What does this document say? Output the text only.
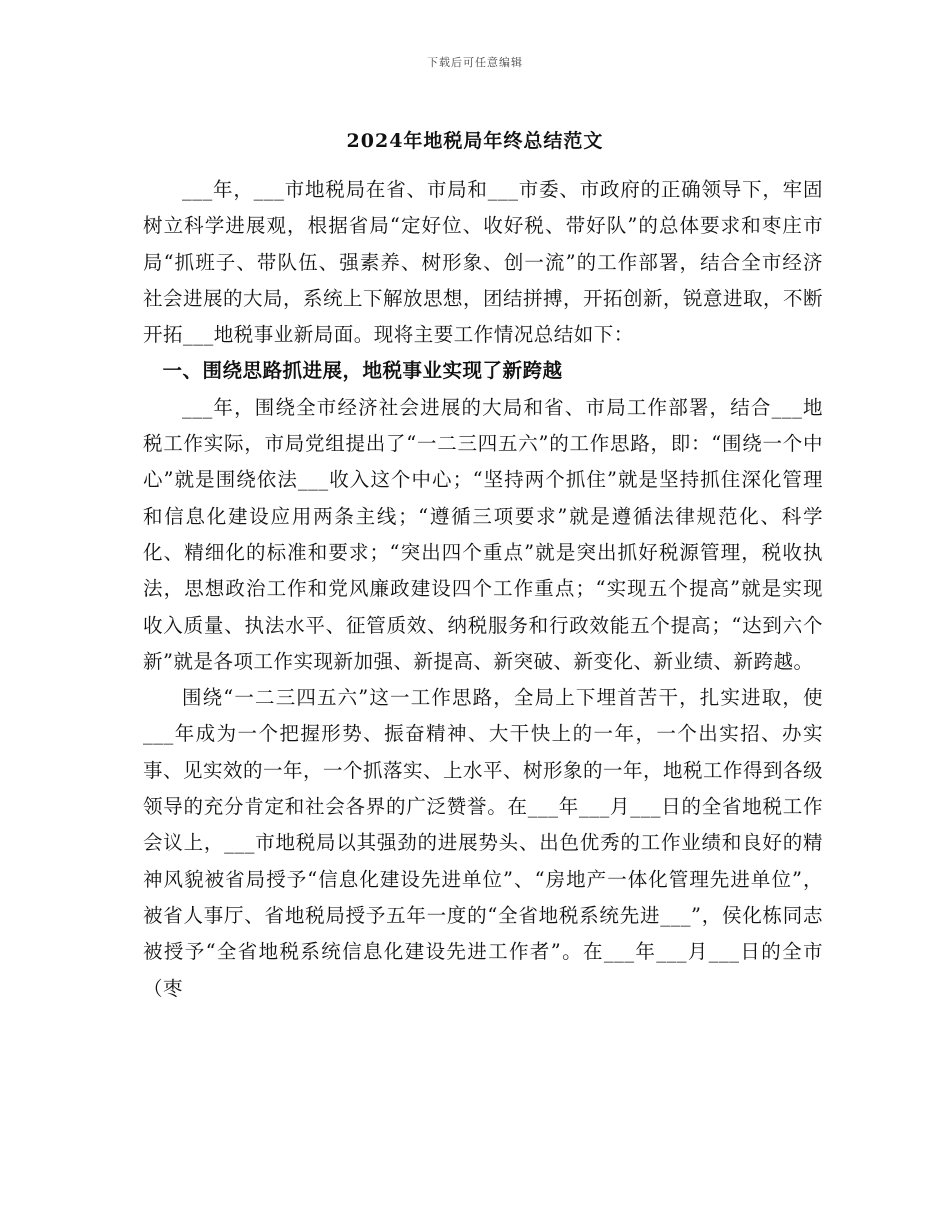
下载后可任意编辑
2024年地税局年终总结范文

___年，___市地税局在省、市局和___市委、市政府的正确领导下，牢固树立科学进展观，根据省局“定好位、收好税、带好队”的总体要求和枣庄市局“抓班子、带队伍、强素养、树形象、创一流”的工作部署，结合全市经济社会进展的大局，系统上下解放思想，团结拼搏，开拓创新，锐意进取，不断开拓___地税事业新局面。现将主要工作情况总结如下：

一、围绕思路抓进展，地税事业实现了新跨越

___年，围绕全市经济社会进展的大局和省、市局工作部署，结合___地税工作实际，市局党组提出了“一二三四五六”的工作思路，即：“围绕一个中心”就是围绕依法___收入这个中心；“坚持两个抓住”就是坚持抓住深化管理和信息化建设应用两条主线；“遵循三项要求”就是遵循法律规范化、科学化、精细化的标准和要求；“突出四个重点”就是突出抓好税源管理，税收执法，思想政治工作和党风廉政建设四个工作重点；“实现五个提高”就是实现收入质量、执法水平、征管质效、纳税服务和行政效能五个提高；“达到六个新”就是各项工作实现新加强、新提高、新突破、新变化、新业绩、新跨越。

围绕“一二三四五六”这一工作思路，全局上下埋首苦干，扎实进取，使___年成为一个把握形势、振奋精神、大干快上的一年，一个出实招、办实事、见实效的一年，一个抓落实、上水平、树形象的一年，地税工作得到各级领导的充分肯定和社会各界的广泛赞誉。在___年___月___日的全省地税工作会议上，___市地税局以其强劲的进展势头、出色优秀的工作业绩和良好的精神风貌被省局授予“信息化建设先进单位”、“房地产一体化管理先进单位”，被省人事厅、省地税局授予五年一度的“全省地税系统先进___”，侯化栋同志被授予“全省地税系统信息化建设先进工作者”。在___年___月___日的全市（枣
